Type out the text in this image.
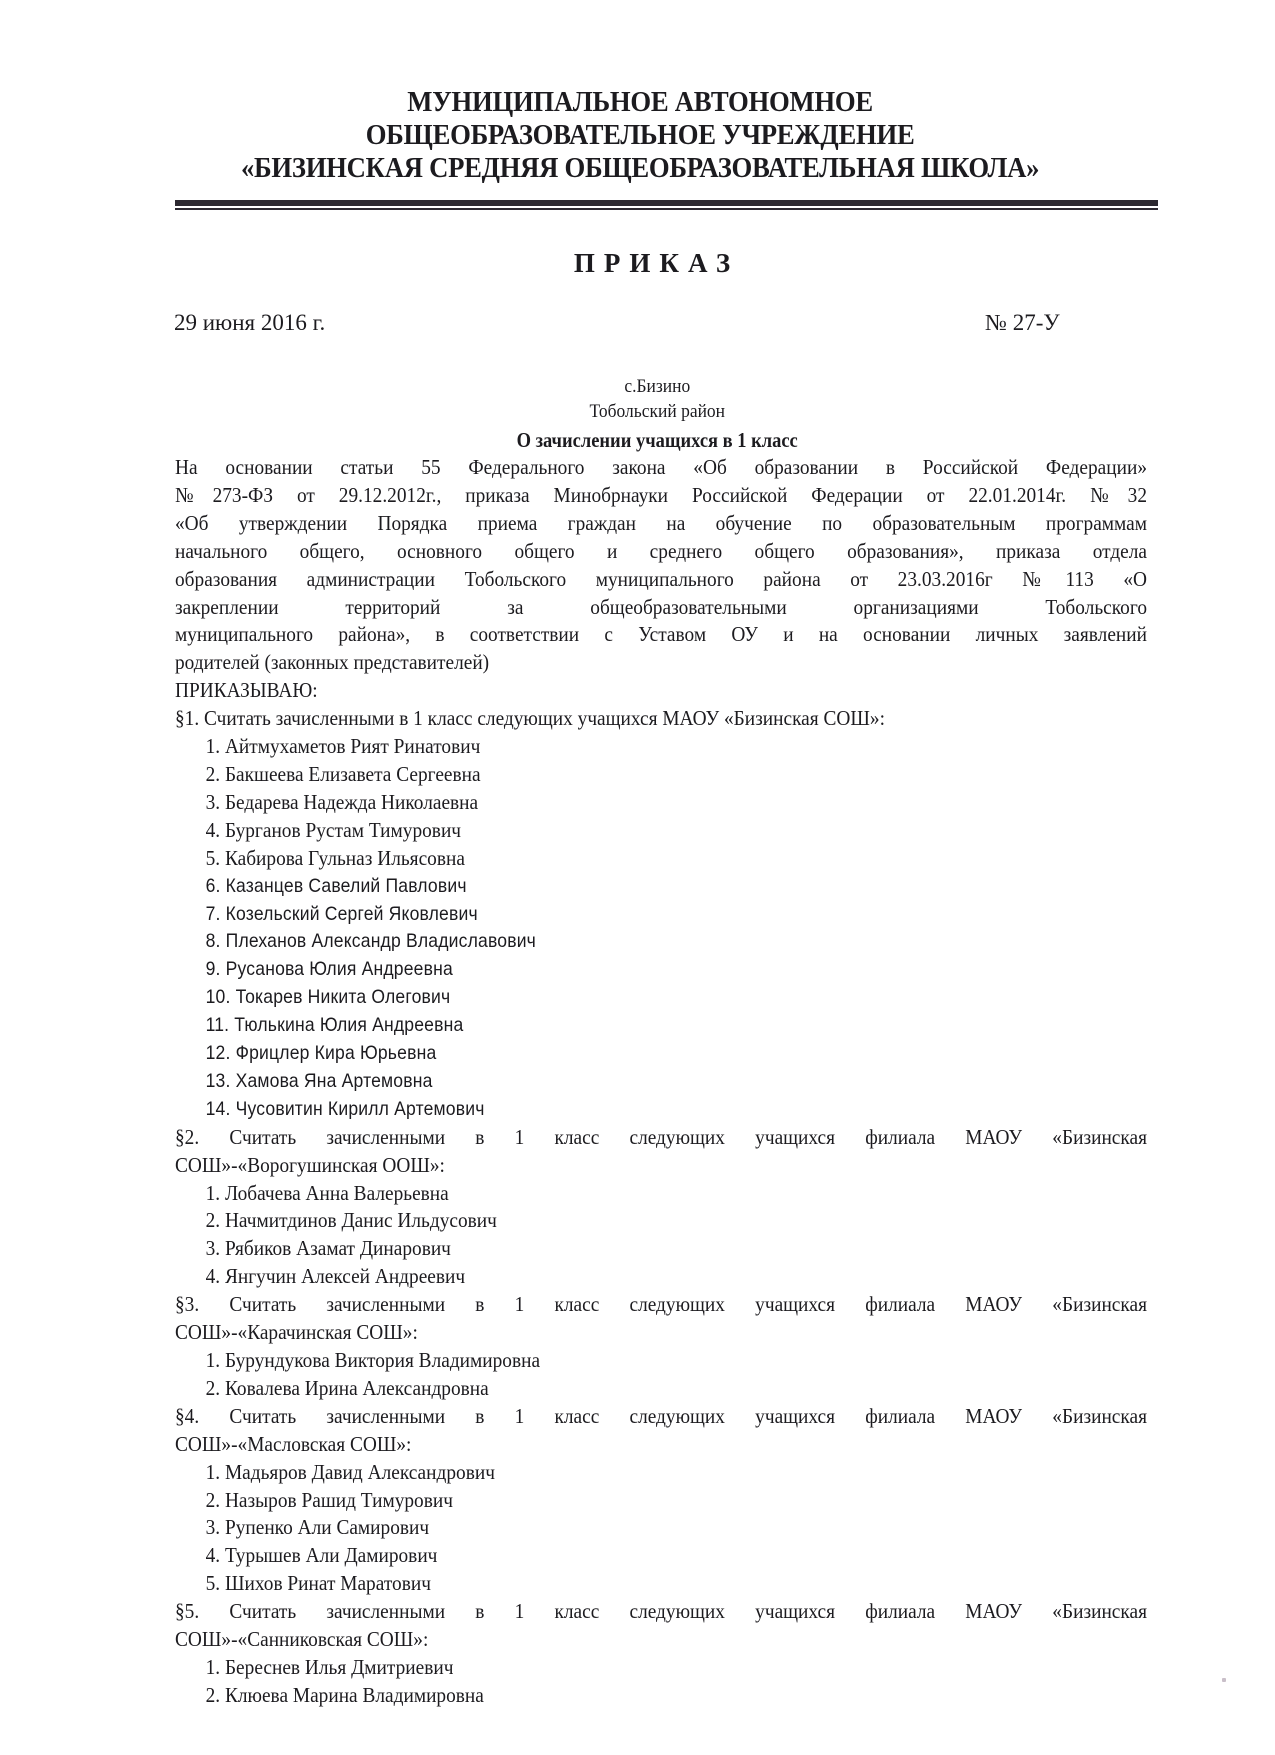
МУНИЦИПАЛЬНОЕ АВТОНОМНОЕ
ОБЩЕОБРАЗОВАТЕЛЬНОЕ УЧРЕЖДЕНИЕ
«БИЗИНСКАЯ СРЕДНЯЯ ОБЩЕОБРАЗОВАТЕЛЬНАЯ ШКОЛА»
ПРИКАЗ
29 июня 2016 г.	№ 27-У
с.Бизино
Тобольский район
О зачислении учащихся в 1 класс
На основании статьи 55 Федерального закона «Об образовании в Российской Федерации»
№273-ФЗ от 29.12.2012г., приказа Минобрнауки Российской Федерации от 22.01.2014г. №32
«Об утверждении Порядка приема граждан на обучение по образовательным программам
начального общего, основного общего и среднего общего образования», приказа отдела
образования администрации Тобольского муниципального района от 23.03.2016г №113 «О
закреплении территорий за общеобразовательными организациями Тобольского
муниципального района», в соответствии с Уставом ОУ и на основании личных заявлений
родителей (законных представителей)
ПРИКАЗЫВАЮ:
§1. Считать зачисленными в 1 класс следующих учащихся МАОУ «Бизинская СОШ»:
1. Айтмухаметов Рият Ринатович
2. Бакшеева Елизавета Сергеевна
3. Бедарева Надежда Николаевна
4. Бурганов Рустам Тимурович
5. Кабирова Гульназ Ильясовна
6. Казанцев Савелий Павлович
7. Козельский Сергей Яковлевич
8. Плеханов Александр Владиславович
9. Русанова Юлия Андреевна
10. Токарев Никита Олегович
11. Тюлькина Юлия Андреевна
12. Фрицлер Кира Юрьевна
13. Хамова Яна Артемовна
14. Чусовитин Кирилл Артемович
§2. Считать зачисленными в 1 класс следующих учащихся филиала МАОУ «Бизинская
СОШ»-«Ворогушинская ООШ»:
1. Лобачева Анна Валерьевна
2. Начмитдинов Данис Ильдусович
3. Рябиков Азамат Динарович
4. Янгучин Алексей Андреевич
§3. Считать зачисленными в 1 класс следующих учащихся филиала МАОУ «Бизинская
СОШ»-«Карачинская СОШ»:
1. Бурундукова Виктория Владимировна
2. Ковалева Ирина Александровна
§4. Считать зачисленными в 1 класс следующих учащихся филиала МАОУ «Бизинская
СОШ»-«Масловская СОШ»:
1. Мадьяров Давид Александрович
2. Назыров Рашид Тимурович
3. Рупенко Али Самирович
4. Турышев Али Дамирович
5. Шихов Ринат Маратович
§5. Считать зачисленными в 1 класс следующих учащихся филиала МАОУ «Бизинская
СОШ»-«Санниковская СОШ»:
1. Береснев Илья Дмитриевич
2. Клюева Марина Владимировна
